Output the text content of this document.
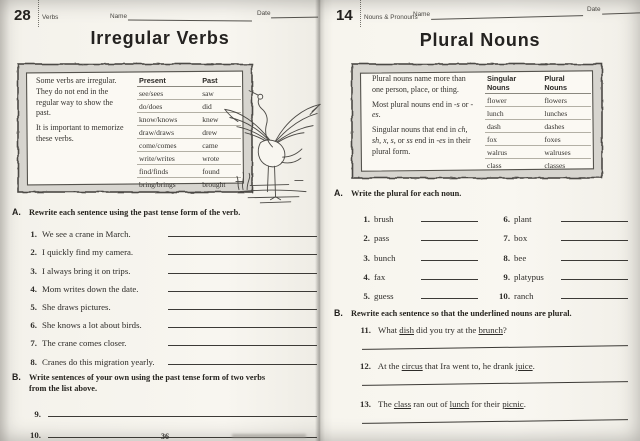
28 Verbs	Name	Date
Irregular Verbs

Some verbs are irregular. They do not end in the regular way to show the past.

It is important to memorize these verbs.

Present	Past
see/sees	saw
do/does	did
know/knows	knew
draw/draws	drew
come/comes	came
write/writes	wrote
find/finds	found
bring/brings	brought
A. Rewrite each sentence using the past tense form of the verb.
1. We see a crane in March.
2. I quickly find my camera.
3. I always bring it on trips.
4. Mom writes down the date.
5. She draws pictures.
6. She knows a lot about birds.
7. The crane comes closer.
8. Cranes do this migration yearly.
B. Write sentences of your own using the past tense form of two verbs from the list above.
9.
10.	36
14 Nouns & Pronouns
Name
Date
Plural Nouns

Plural nouns name more than one person, place, or thing.

Most plural nouns end in -s or -es.

Singular nouns that end in ch, sh, x, s, or ss end in -es in their plural form.

Singular Nouns	Plural Nouns
flower	flowers
lunch	lunches
dash	dashes
fox	foxes
walrus	walruses
class	classes
A. Write the plural for each noun.
1. brush
2. pass
3. bunch
4. fax
5. guess
6. plant
7. box
8. bee
9. platypus
10. ranch
B. Rewrite each sentence so that the underlined nouns are plural.
11. What dish did you try at the brunch?
12. At the circus that Ira went to, he drank juice.
13. The class ran out of lunch for their picnic.
